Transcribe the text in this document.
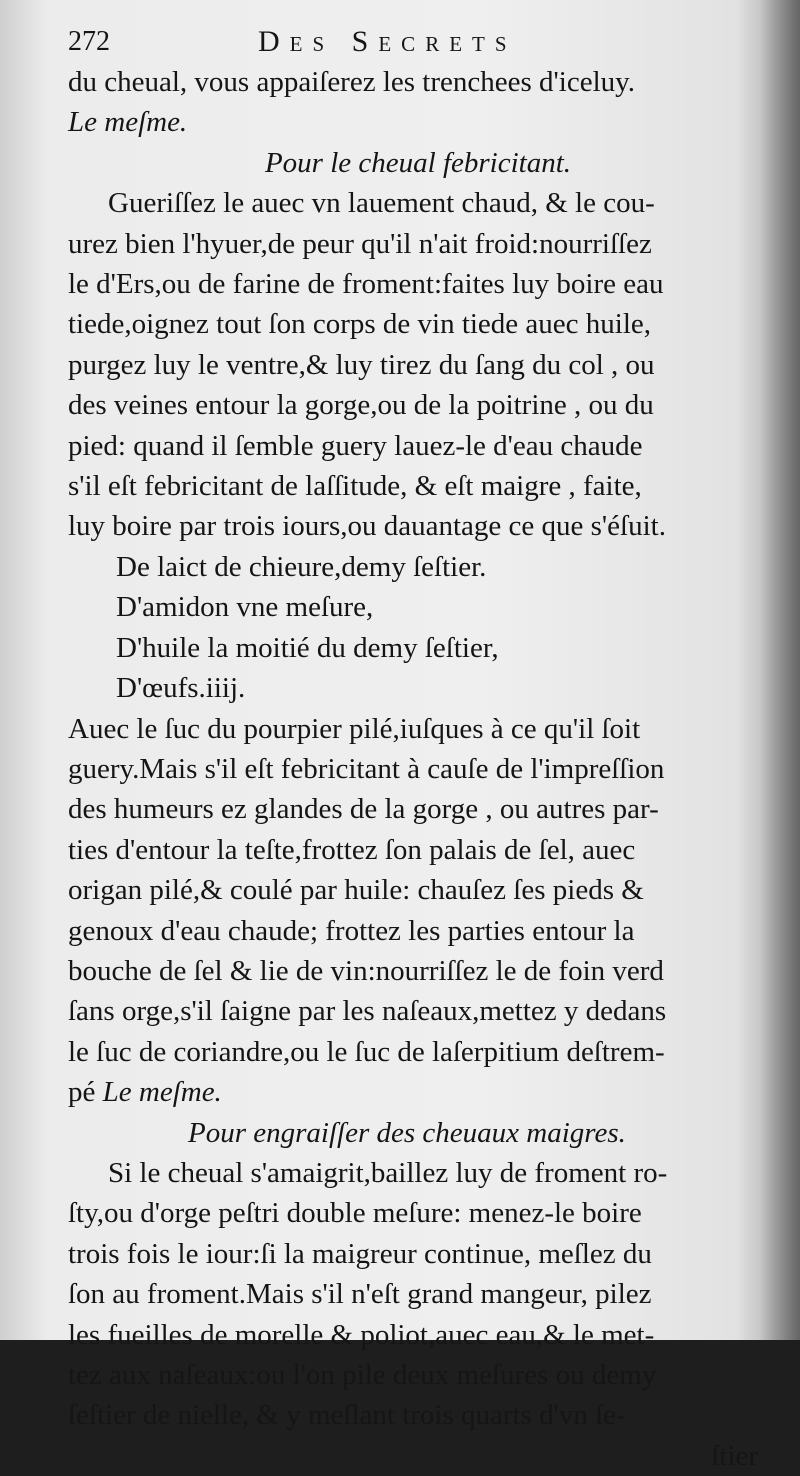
272	Des Secrets
du cheual, vous appaiſerez les trenchees d'iceluy.
Le meſme.
Pour le cheual febricitant.
Gueriſſez le auec vn lauement chaud, & le cou-
urez bien l'hyuer,de peur qu'il n'ait froid:nourriſſez
le d'Ers,ou de farine de froment:faites luy boire eau
tiede,oignez tout ſon corps de vin tiede auec huile,
purgez luy le ventre,& luy tirez du ſang du col , ou
des veines entour la gorge,ou de la poitrine , ou du
pied: quand il ſemble guery lauez-le d'eau chaude
s'il eſt febricitant de laſſitude, & eſt maigre , faite,
luy boire par trois iours,ou dauantage ce que s'éſuit.
De laict de chieure,demy ſeſtier.
D'amidon vne meſure,
D'huile la moitié du demy ſeſtier,
D'œufs.iiij.
Auec le ſuc du pourpier pilé,iuſques à ce qu'il ſoit
guery.Mais s'il eſt febricitant à cauſe de l'impreſſion
des humeurs ez glandes de la gorge , ou autres par-
ties d'entour la teſte,frottez ſon palais de ſel, auec
origan pilé,& coulé par huile: chauſez ſes pieds &
genoux d'eau chaude; frottez les parties entour la
bouche de ſel & lie de vin:nourriſſez le de foin verd
ſans orge,s'il ſaigne par les naſeaux,mettez y dedans
le ſuc de coriandre,ou le ſuc de laſerpitium deſtrem-
pé Le meſme.
Pour engraiſſer des cheuaux maigres.
Si le cheual s'amaigrit,baillez luy de froment ro-
ſty,ou d'orge peſtri double meſure: menez-le boire
trois fois le iour:ſi la maigreur continue, meſlez du
ſon au froment.Mais s'il n'eſt grand mangeur, pilez
les fueilles de morelle & poliot,auec eau,& le met-
tez aux naſeaux:ou l'on pile deux meſures ou demy
ſeſtier de nielle, & y meſlant trois quarts d'vn ſe-
ſtier
